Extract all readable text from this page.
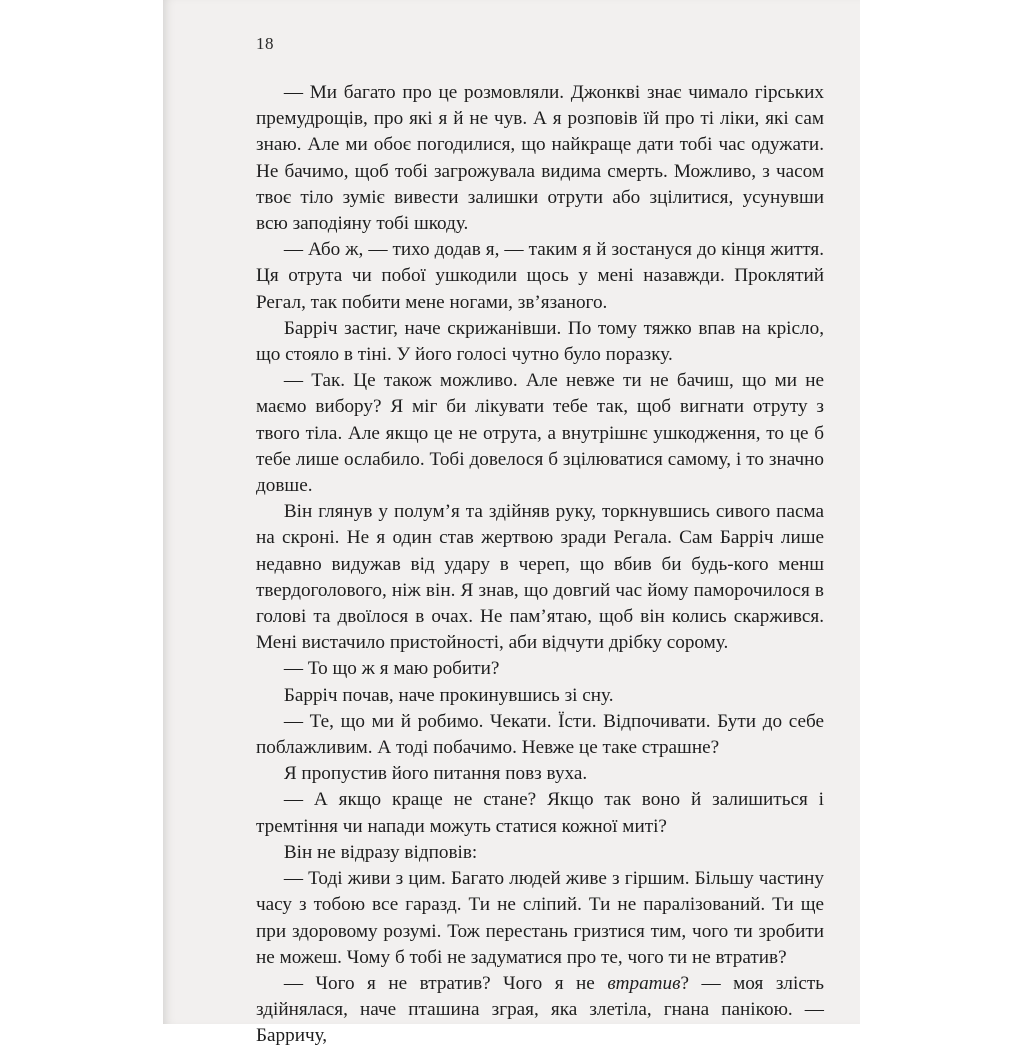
18

— Ми багато про це розмовляли. Джонкві знає чимало гірських премудрощів, про які я й не чув. А я розповів їй про ті ліки, які сам знаю. Але ми обоє погодилися, що найкраще дати тобі час одужати. Не бачимо, щоб тобі загрожувала видима смерть. Можливо, з часом твоє тіло зуміє вивести залишки отрути або зцілитися, усунувши всю заподіяну тобі шкоду.

— Або ж, — тихо додав я, — таким я й зостануся до кінця життя. Ця отрута чи побої ушкодили щось у мені назавжди. Проклятий Регал, так побити мене ногами, зв’язаного.

Барріч застиг, наче скрижанівши. По тому тяжко впав на крісло, що стояло в тіні. У його голосі чутно було поразку.

— Так. Це також можливо. Але невже ти не бачиш, що ми не маємо вибору? Я міг би лікувати тебе так, щоб вигнати отруту з твого тіла. Але якщо це не отрута, а внутрішнє ушкодження, то це б тебе лише ослабило. Тобі довелося б зцілюватися самому, і то значно довше.

Він глянув у полум’я та здійняв руку, торкнувшись сивого пасма на скроні. Не я один став жертвою зради Регала. Сам Барріч лише недавно видужав від удару в череп, що вбив би будь-кого менш твердоголового, ніж він. Я знав, що довгий час йому паморочилося в голові та двоїлося в очах. Не пам’ятаю, щоб він колись скаржився. Мені вистачило пристойності, аби відчути дрібку сорому.

— То що ж я маю робити?

Барріч почав, наче прокинувшись зі сну.

— Те, що ми й робимо. Чекати. Їсти. Відпочивати. Бути до себе поблажливим. А тоді побачимо. Невже це таке страшне?

Я пропустив його питання повз вуха.

— А якщо краще не стане? Якщо так воно й залишиться і тремтіння чи напади можуть статися кожної миті?

Він не відразу відповів:

— Тоді живи з цим. Багато людей живе з гіршим. Більшу частину часу з тобою все гаразд. Ти не сліпий. Ти не паралізований. Ти ще при здоровому розумі. Тож перестань гризтися тим, чого ти зробити не можеш. Чому б тобі не задуматися про те, чого ти не втратив?

— Чого я не втратив? Чого я не втратив? — моя злість здійнялася, наче пташина зграя, яка злетіла, гнана панікою. — Барричу,
